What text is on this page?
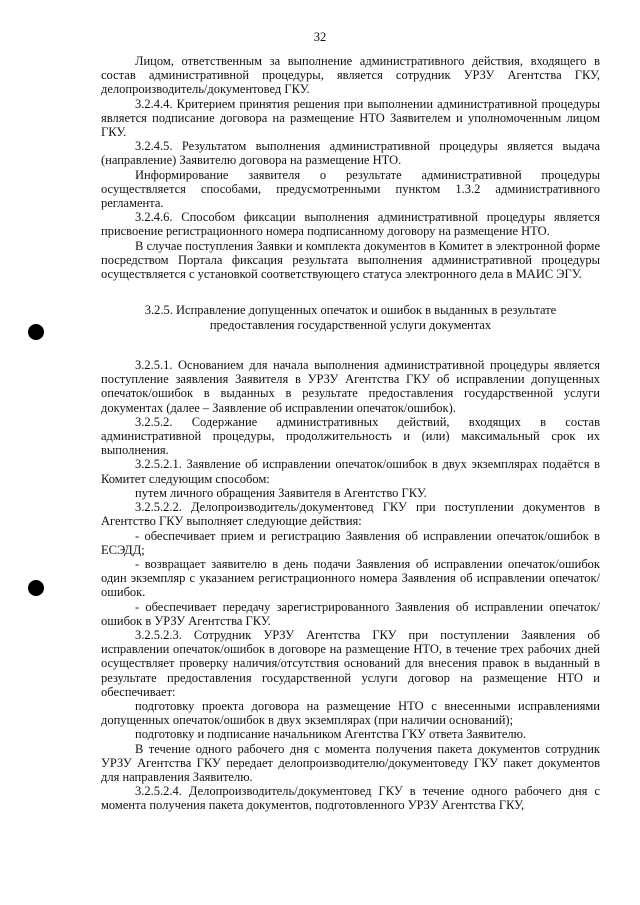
32

Лицом, ответственным за выполнение административного действия, входящего в состав административной процедуры, является сотрудник УРЗУ Агентства ГКУ, делопроизводитель/документовед ГКУ.

3.2.4.4. Критерием принятия решения при выполнении административной процедуры является подписание договора на размещение НТО Заявителем и уполномоченным лицом ГКУ.

3.2.4.5. Результатом выполнения административной процедуры является выдача (направление) Заявителю договора на размещение НТО.

Информирование заявителя о результате административной процедуры осуществляется способами, предусмотренными пунктом 1.3.2 административного регламента.

3.2.4.6. Способом фиксации выполнения административной процедуры является присвоение регистрационного номера подписанному договору на размещение НТО.

В случае поступления Заявки и комплекта документов в Комитет в электронной форме посредством Портала фиксация результата выполнения административной процедуры осуществляется с установкой соответствующего статуса электронного дела в МАИС ЭГУ.

3.2.5. Исправление допущенных опечаток и ошибок в выданных в результате
предоставления государственной услуги документах

3.2.5.1. Основанием для начала выполнения административной процедуры является поступление заявления Заявителя в УРЗУ Агентства ГКУ об исправлении допущенных опечаток/ошибок в выданных в результате предоставления государственной услуги документах (далее – Заявление об исправлении опечаток/ошибок).

3.2.5.2. Содержание административных действий, входящих в состав административной процедуры, продолжительность и (или) максимальный срок их выполнения.

3.2.5.2.1. Заявление об исправлении опечаток/ошибок в двух экземплярах подаётся в Комитет следующим способом:

путем личного обращения Заявителя в Агентство ГКУ.

3.2.5.2.2. Делопроизводитель/документовед ГКУ при поступлении документов в Агентство ГКУ выполняет следующие действия:

- обеспечивает прием и регистрацию Заявления об исправлении опечаток/ошибок в ЕСЭДД;

- возвращает заявителю в день подачи Заявления об исправлении опечаток/ошибок один экземпляр с указанием регистрационного номера Заявления об исправлении опечаток/ошибок.

- обеспечивает передачу зарегистрированного Заявления об исправлении опечаток/ошибок в УРЗУ Агентства ГКУ.

3.2.5.2.3. Сотрудник УРЗУ Агентства ГКУ при поступлении Заявления об исправлении опечаток/ошибок в договоре на размещение НТО, в течение трех рабочих дней осуществляет проверку наличия/отсутствия оснований для внесения правок в выданный в результате предоставления государственной услуги договор на размещение НТО и обеспечивает:

подготовку проекта договора на размещение НТО с внесенными исправлениями допущенных опечаток/ошибок в двух экземплярах (при наличии оснований);

подготовку и подписание начальником Агентства ГКУ ответа Заявителю.

В течение одного рабочего дня с момента получения пакета документов сотрудник УРЗУ Агентства ГКУ передает делопроизводителю/документоведу ГКУ пакет документов для направления Заявителю.

3.2.5.2.4. Делопроизводитель/документовед ГКУ в течение одного рабочего дня с момента получения пакета документов, подготовленного УРЗУ Агентства ГКУ,
